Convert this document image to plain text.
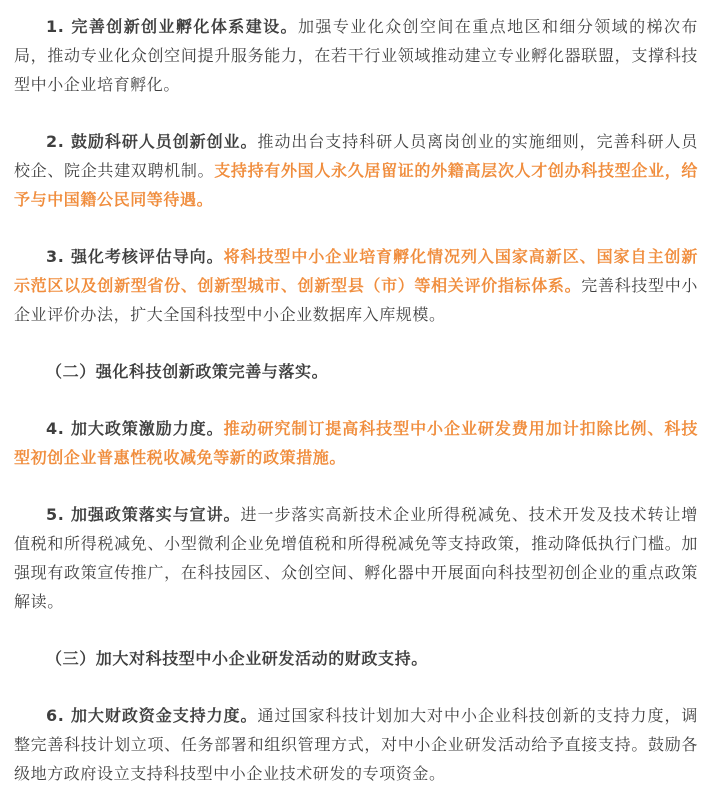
1. 完善创新创业孵化体系建设。加强专业化众创空间在重点地区和细分领域的梯次布局，推动专业化众创空间提升服务能力，在若干行业领域推动建立专业孵化器联盟，支撑科技型中小企业培育孵化。

2. 鼓励科研人员创新创业。推动出台支持科研人员离岗创业的实施细则，完善科研人员校企、院企共建双聘机制。支持持有外国人永久居留证的外籍高层次人才创办科技型企业，给予与中国籍公民同等待遇。

3. 强化考核评估导向。将科技型中小企业培育孵化情况列入国家高新区、国家自主创新示范区以及创新型省份、创新型城市、创新型县（市）等相关评价指标体系。完善科技型中小企业评价办法，扩大全国科技型中小企业数据库入库规模。

（二）强化科技创新政策完善与落实。

4. 加大政策激励力度。推动研究制订提高科技型中小企业研发费用加计扣除比例、科技型初创企业普惠性税收减免等新的政策措施。

5. 加强政策落实与宣讲。进一步落实高新技术企业所得税减免、技术开发及技术转让增值税和所得税减免、小型微利企业免增值税和所得税减免等支持政策，推动降低执行门槛。加强现有政策宣传推广，在科技园区、众创空间、孵化器中开展面向科技型初创企业的重点政策解读。

（三）加大对科技型中小企业研发活动的财政支持。

6. 加大财政资金支持力度。通过国家科技计划加大对中小企业科技创新的支持力度，调整完善科技计划立项、任务部署和组织管理方式，对中小企业研发活动给予直接支持。鼓励各级地方政府设立支持科技型中小企业技术研发的专项资金。
